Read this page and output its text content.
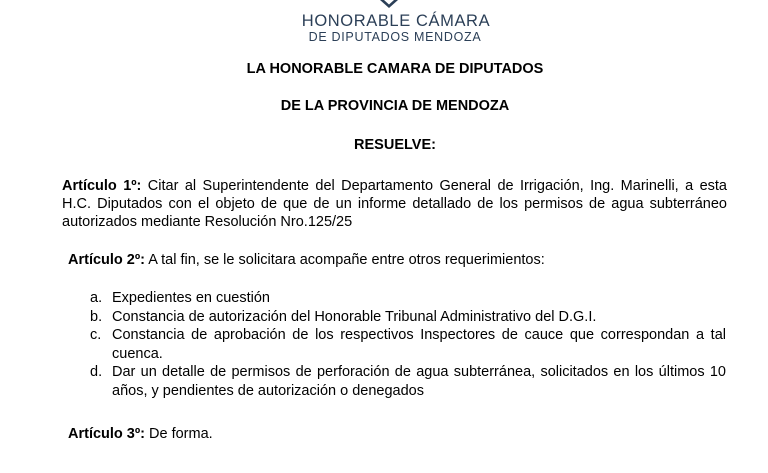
HONORABLE CÁMARA
DE DIPUTADOS MENDOZA
LA HONORABLE CAMARA DE DIPUTADOS
DE LA PROVINCIA DE MENDOZA
RESUELVE:
Artículo 1º: Citar al Superintendente del Departamento General de Irrigación, Ing. Marinelli, a esta H.C. Diputados con el objeto de que de un informe detallado de los permisos de agua subterráneo autorizados mediante Resolución Nro.125/25
Artículo 2º: A tal fin, se le solicitara acompañe entre otros requerimientos:
a. Expedientes en cuestión
b. Constancia de autorización del Honorable Tribunal Administrativo del D.G.I.
c. Constancia de aprobación de los respectivos Inspectores de cauce que correspondan a tal cuenca.
d. Dar un detalle de permisos de perforación de agua subterránea, solicitados en los últimos 10 años, y pendientes de autorización o denegados
Artículo 3º: De forma.
